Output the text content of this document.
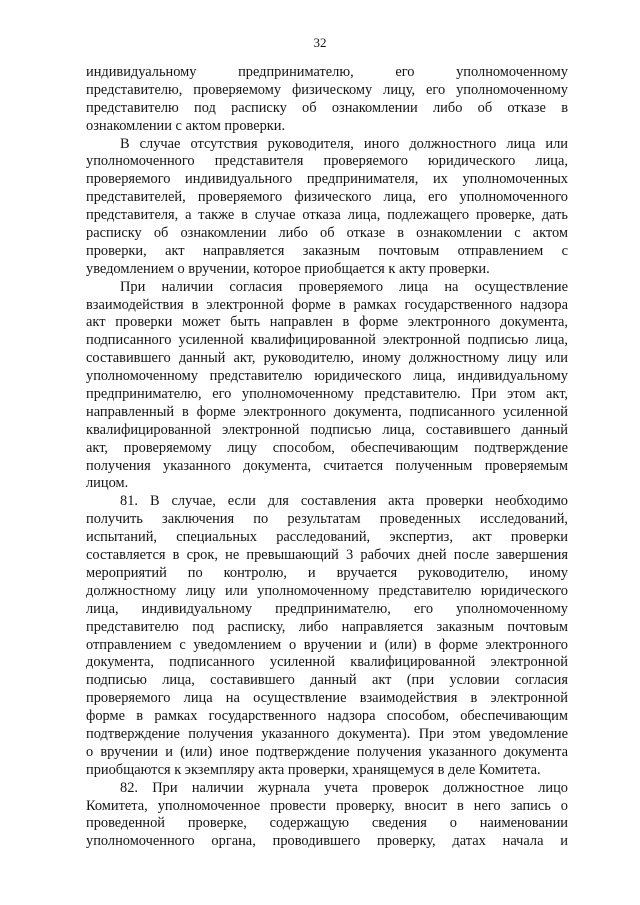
32
индивидуальному предпринимателю, его уполномоченному
представителю, проверяемому физическому лицу, его уполномоченному
представителю под расписку об ознакомлении либо об отказе в
ознакомлении с актом проверки.
В случае отсутствия руководителя, иного должностного лица или
уполномоченного представителя проверяемого юридического лица,
проверяемого индивидуального предпринимателя, их уполномоченных
представителей, проверяемого физического лица, его уполномоченного
представителя, а также в случае отказа лица, подлежащего проверке, дать
расписку об ознакомлении либо об отказе в ознакомлении с актом
проверки, акт направляется заказным почтовым отправлением с
уведомлением о вручении, которое приобщается к акту проверки.
При наличии согласия проверяемого лица на осуществление
взаимодействия в электронной форме в рамках государственного надзора
акт проверки может быть направлен в форме электронного документа,
подписанного усиленной квалифицированной электронной подписью лица,
составившего данный акт, руководителю, иному должностному лицу или
уполномоченному представителю юридического лица, индивидуальному
предпринимателю, его уполномоченному представителю. При этом акт,
направленный в форме электронного документа, подписанного усиленной
квалифицированной электронной подписью лица, составившего данный
акт, проверяемому лицу способом, обеспечивающим подтверждение
получения указанного документа, считается полученным проверяемым
лицом.
81. В случае, если для составления акта проверки необходимо
получить заключения по результатам проведенных исследований,
испытаний, специальных расследований, экспертиз, акт проверки
составляется в срок, не превышающий 3 рабочих дней после завершения
мероприятий по контролю, и вручается руководителю, иному
должностному лицу или уполномоченному представителю юридического
лица, индивидуальному предпринимателю, его уполномоченному
представителю под расписку, либо направляется заказным почтовым
отправлением с уведомлением о вручении и (или) в форме электронного
документа, подписанного усиленной квалифицированной электронной
подписью лица, составившего данный акт (при условии согласия
проверяемого лица на осуществление взаимодействия в электронной
форме в рамках государственного надзора способом, обеспечивающим
подтверждение получения указанного документа). При этом уведомление
о вручении и (или) иное подтверждение получения указанного документа
приобщаются к экземпляру акта проверки, хранящемуся в деле Комитета.
82. При наличии журнала учета проверок должностное лицо
Комитета, уполномоченное провести проверку, вносит в него запись о
проведенной проверке, содержащую сведения о наименовании
уполномоченного органа, проводившего проверку, датах начала и
